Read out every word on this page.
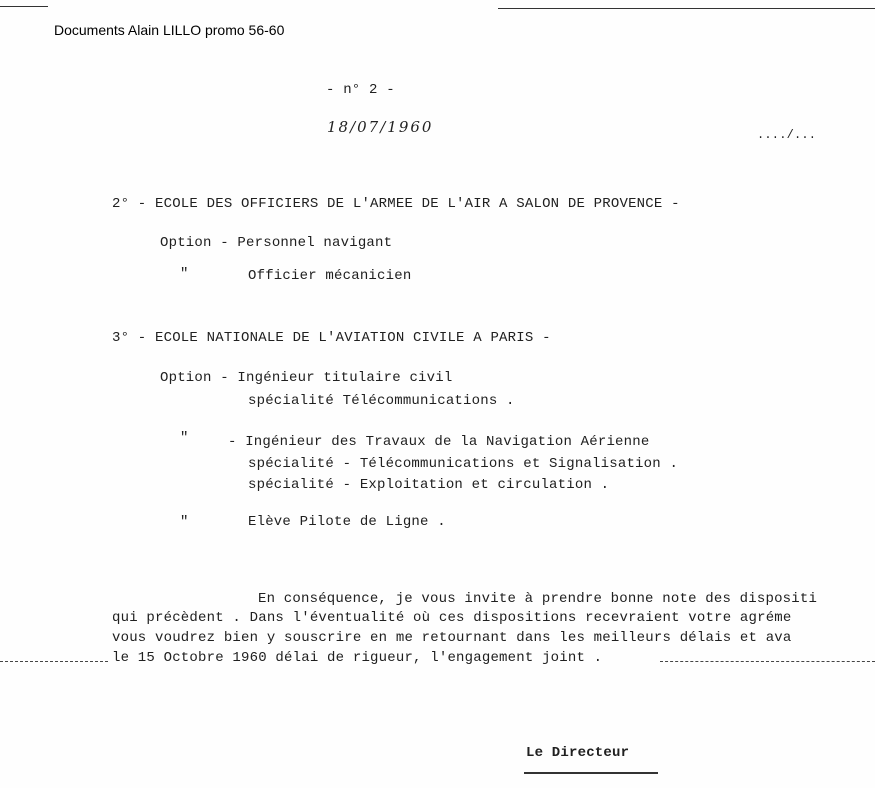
Documents Alain LILLO promo 56-60
- n° 2 -
18/07/1960	..../...
2° - ECOLE DES OFFICIERS DE L'ARMEE DE L'AIR A SALON DE PROVENCE -
Option - Personnel navigant
"	Officier mécanicien
3° - ECOLE NATIONALE DE L'AVIATION CIVILE A PARIS -
Option - Ingénieur titulaire civil
spécialité Télécommunications .
"	- Ingénieur des Travaux de la Navigation Aérienne
spécialité - Télécommunications et Signalisation .
spécialité - Exploitation et circulation .
"	Elève Pilote de Ligne .
En conséquence, je vous invite à prendre bonne note des dispositi
qui précèdent . Dans l'éventualité où ces dispositions recevraient votre agréme
vous voudrez bien y souscrire en me retournant dans les meilleurs délais et ava
le 15 Octobre 1960 délai de rigueur, l'engagement joint .
Le Directeur
